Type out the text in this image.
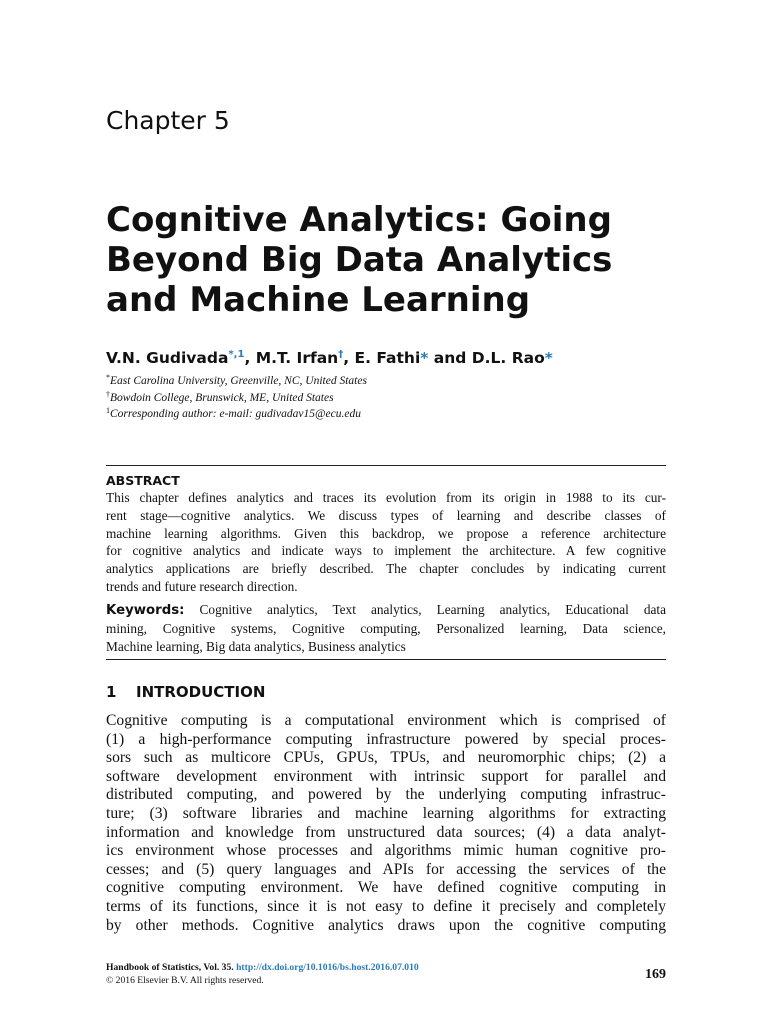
Chapter 5
Cognitive Analytics: Going
Beyond Big Data Analytics
and Machine Learning
V.N. Gudivada$^{*,1}$, M.T. Irfan†, E. Fathi* and D.L. Rao*
*East Carolina University, Greenville, NC, United States
†Bowdoin College, Brunswick, ME, United States
$^1$Corresponding author: e-mail: gudivadav15@ecu.edu
ABSTRACT
This chapter defines analytics and traces its evolution from its origin in 1988 to its cur-
rent stage—cognitive analytics. We discuss types of learning and describe classes of
machine learning algorithms. Given this backdrop, we propose a reference architecture
for cognitive analytics and indicate ways to implement the architecture. A few cognitive
analytics applications are briefly described. The chapter concludes by indicating current
trends and future research direction.
Keywords: Cognitive analytics, Text analytics, Learning analytics, Educational data
mining, Cognitive systems, Cognitive computing, Personalized learning, Data science,
Machine learning, Big data analytics, Business analytics
1 INTRODUCTION
Cognitive computing is a computational environment which is comprised of
(1) a high-performance computing infrastructure powered by special proces-
sors such as multicore CPUs, GPUs, TPUs, and neuromorphic chips; (2) a
software development environment with intrinsic support for parallel and
distributed computing, and powered by the underlying computing infrastruc-
ture; (3) software libraries and machine learning algorithms for extracting
information and knowledge from unstructured data sources; (4) a data analyt-
ics environment whose processes and algorithms mimic human cognitive pro-
cesses; and (5) query languages and APIs for accessing the services of the
cognitive computing environment. We have defined cognitive computing in
terms of its functions, since it is not easy to define it precisely and completely
by other methods. Cognitive analytics draws upon the cognitive computing
Handbook of Statistics, Vol. 35. http://dx.doi.org/10.1016/bs.host.2016.07.010
© 2016 Elsevier B.V. All rights reserved.	169
